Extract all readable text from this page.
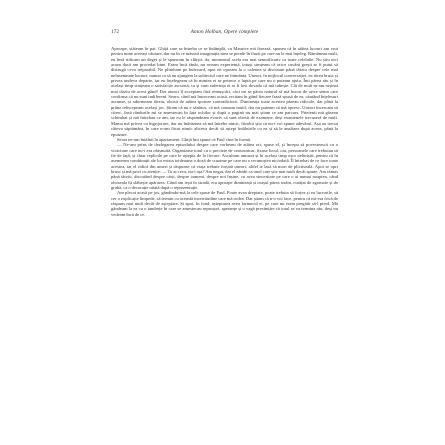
172	Anton Holban, Opere complete

Aproape, stăteam în pat. Ghiță care se întreba ce se întâmplă, cu Maurice mă fixează, spunea că în atâtea lucruri am vrut pentru mine aceeași căutare, dar nu în ce măsură imaginația mea se pierde în iluzii pe care nu le mai înțeleg. Rămâneau mult, eu însă ridicam un deget și le spuneam în sfârșit: da, momentul acela era mai semnificativ ca toate celelalte. Nu știu nici acum dacă am procedat bine. Eram încă tânăr, nu aveam experiență, totuși simțeam că orice cuvânt greșit ar fi putut să distrugă ceva ireparabil. Ne plimbam pe bulevard, apoi ne opream la o cafenea și discutam până târziu despre cele mai neînsemnate lucruri, numai ca să nu ajungem la subiectul care ne frământa. Uneori, în mijlocul conversației, ea tăcea brusc și privea undeva departe, iar eu înțelegeam că în mintea ei se petrece o luptă pe care nu o puteam ajuta. Îmi părea rău și în același timp simțeam o satisfacție ascunsă, ca și cum suferința ei ar fi fost dovada că mă iubește. Cât de mult m-am rușinat mai târziu de acest gând! Dar atunci îl acceptam fără remușcări, căci mi se părea natural să mă bucur de orice semn care confirma că nu sunt indiferent. Seara, când mă întorceam acasă, recitam în gând fiecare frază spusă de ea, căutând înțelesuri ascunse, și adormeam târziu, obosit de atâtea ipoteze contradictorii. Dimineața toate acestea păreau ridicole, dar până la prânz reîncepeam același joc. Știam că nu e sănătos, că mă consum inutil, dar nu puteam să mă opresc. Uneori încercam să citesc, însă rândurile mi se amestecau în fața ochilor și după o pagină nu mai știam ce am parcurs. Prietenii mă găseau schimbat și mă întrebau ce am, iar eu le răspundeam evaziv că sunt obosit de examene, deși examenele trecuseră de mult. Mama mă privea cu îngrijorare, dar nu îndrăznea să mă întrebe nimic, fiindcă știa că nu-i voi spune adevărul. Așa au trecut câteva săptămâni, în care n-am făcut nimic altceva decât să aștept întâlnirile cu ea și să le analizez după aceea, până la epuizare.

Seara ne-am întâlnit în apartament. Ghiță îmi spune că Paul vine în formă.

— Ne-am prins de dezlegarea episodului despre care vorbeam de atâtea ori, spuse el, și începu să povestească cu o vioiciune care nu-i era obișnuită. Organizase totul cu o precizie de ceasornicar, fixase locul, ora, persoanele care trebuiau să fie de față, și chiar replicile pe care le aștepta de la fiecare. Ascultam amuzat și în același timp ușor neliniștit, pentru că în asemenea combinații ale lui exista totdeauna o doză de cruzime pe care nu o recunoștea niciodată. Îl întrebai de ce face toate acestea, iar el ridică din umeri și răspunse că viața trebuie forțată uneori, altfel te lasă să mori de plictiseală. Apoi se opri brusc și mă privi cu atenție: — Tu ai ceva, nu-i așa? Am negat, dar el zâmbi ca unul care știe mai mult decât spune. Am rămas până târziu, discutând despre cărți, despre oameni, despre noi înșine, cu acea sinceritate pe care o ai numai noaptea, când oboseala îți slăbește apărarea. Când am ieșit în stradă, era aproape dimineață și orașul părea străin, curățat de zgomote și de grabă, ca o decorație uitată după o reprezentație.

Am plecat acasă pe jos, gândindu-mă la cele spuse de Paul. Poate avea dreptate, poate trebuia să forțez și eu lucrurile, să cer o explicație limpede, să termin cu această incertitudine care mă rodea. Dar știam că n-o voi face, pentru că mi-era frică de răspuns mai mult decât de așteptare. Și apoi, în fond, așteptarea avea farmecul ei, pe care nu eram pregătit să-l pierd. Mă gândeam la ea cu o tandrețe în care se amestecau reproșuri, speranțe și o vagă presimțire că totul se va termina rău, deși nu vedeam încă de ce.
